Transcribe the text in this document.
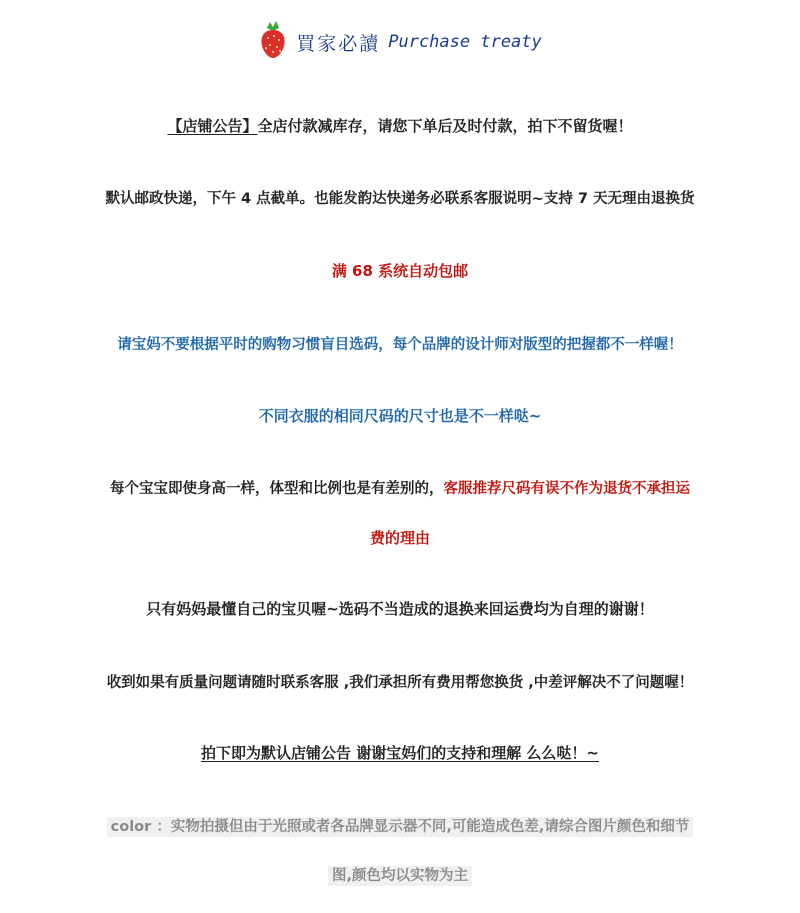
買家必讀 Purchase treaty
【店铺公告】全店付款减库存，请您下单后及时付款，拍下不留货喔！
默认邮政快递，下午 4 点截单。也能发韵达快递务必联系客服说明~支持 7 天无理由退换货
满 68 系统自动包邮
请宝妈不要根据平时的购物习惯盲目选码，每个品牌的设计师对版型的把握都不一样喔！
不同衣服的相同尺码的尺寸也是不一样哒~
每个宝宝即使身高一样，体型和比例也是有差别的，客服推荐尺码有误不作为退货不承担运
费的理由
只有妈妈最懂自己的宝贝喔~选码不当造成的退换来回运费均为自理的谢谢！
收到如果有质量问题请随时联系客服 ,我们承担所有费用帮您换货 ,中差评解决不了问题喔！
拍下即为默认店铺公告 谢谢宝妈们的支持和理解 么么哒！~
color ：实物拍摄但由于光照或者各品牌显示器不同,可能造成色差,请综合图片颜色和细节
图,颜色均以实物为主
